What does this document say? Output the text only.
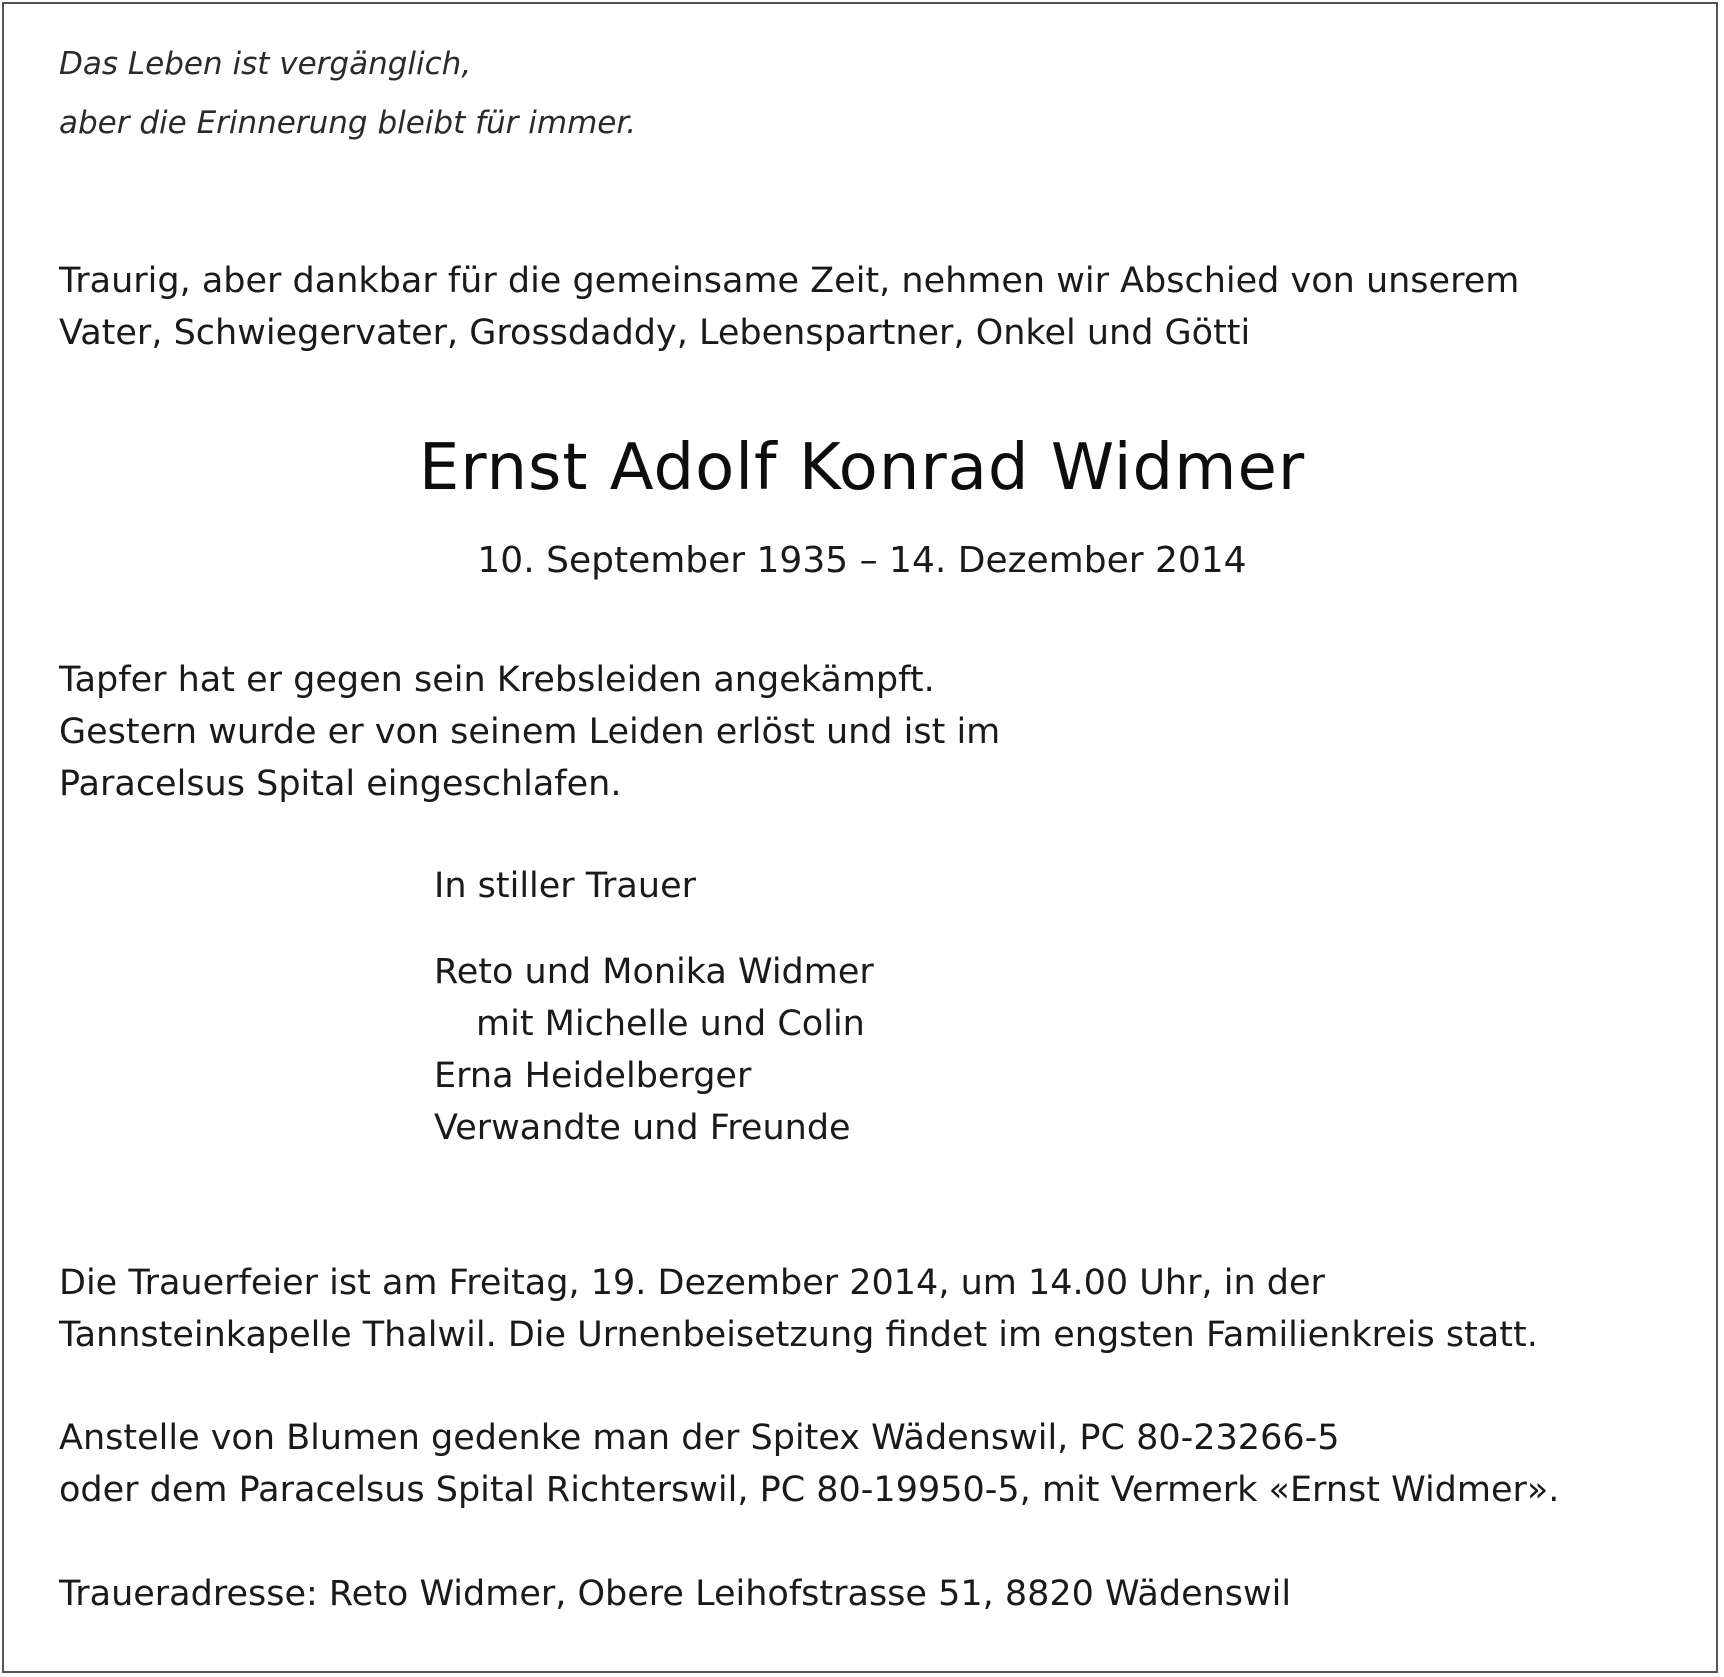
Das Leben ist vergänglich,
aber die Erinnerung bleibt für immer.
Traurig, aber dankbar für die gemeinsame Zeit, nehmen wir Abschied von unserem
Vater, Schwiegervater, Grossdaddy, Lebenspartner, Onkel und Götti
Ernst Adolf Konrad Widmer
10. September 1935 – 14. Dezember 2014
Tapfer hat er gegen sein Krebsleiden angekämpft.
Gestern wurde er von seinem Leiden erlöst und ist im
Paracelsus Spital eingeschlafen.
In stiller Trauer
Reto und Monika Widmer
mit Michelle und Colin
Erna Heidelberger
Verwandte und Freunde
Die Trauerfeier ist am Freitag, 19. Dezember 2014, um 14.00 Uhr, in der
Tannsteinkapelle Thalwil. Die Urnenbeisetzung findet im engsten Familienkreis statt.
Anstelle von Blumen gedenke man der Spitex Wädenswil, PC 80-23266-5
oder dem Paracelsus Spital Richterswil, PC 80-19950-5, mit Vermerk «Ernst Widmer».
Traueradresse: Reto Widmer, Obere Leihofstrasse 51, 8820 Wädenswil
